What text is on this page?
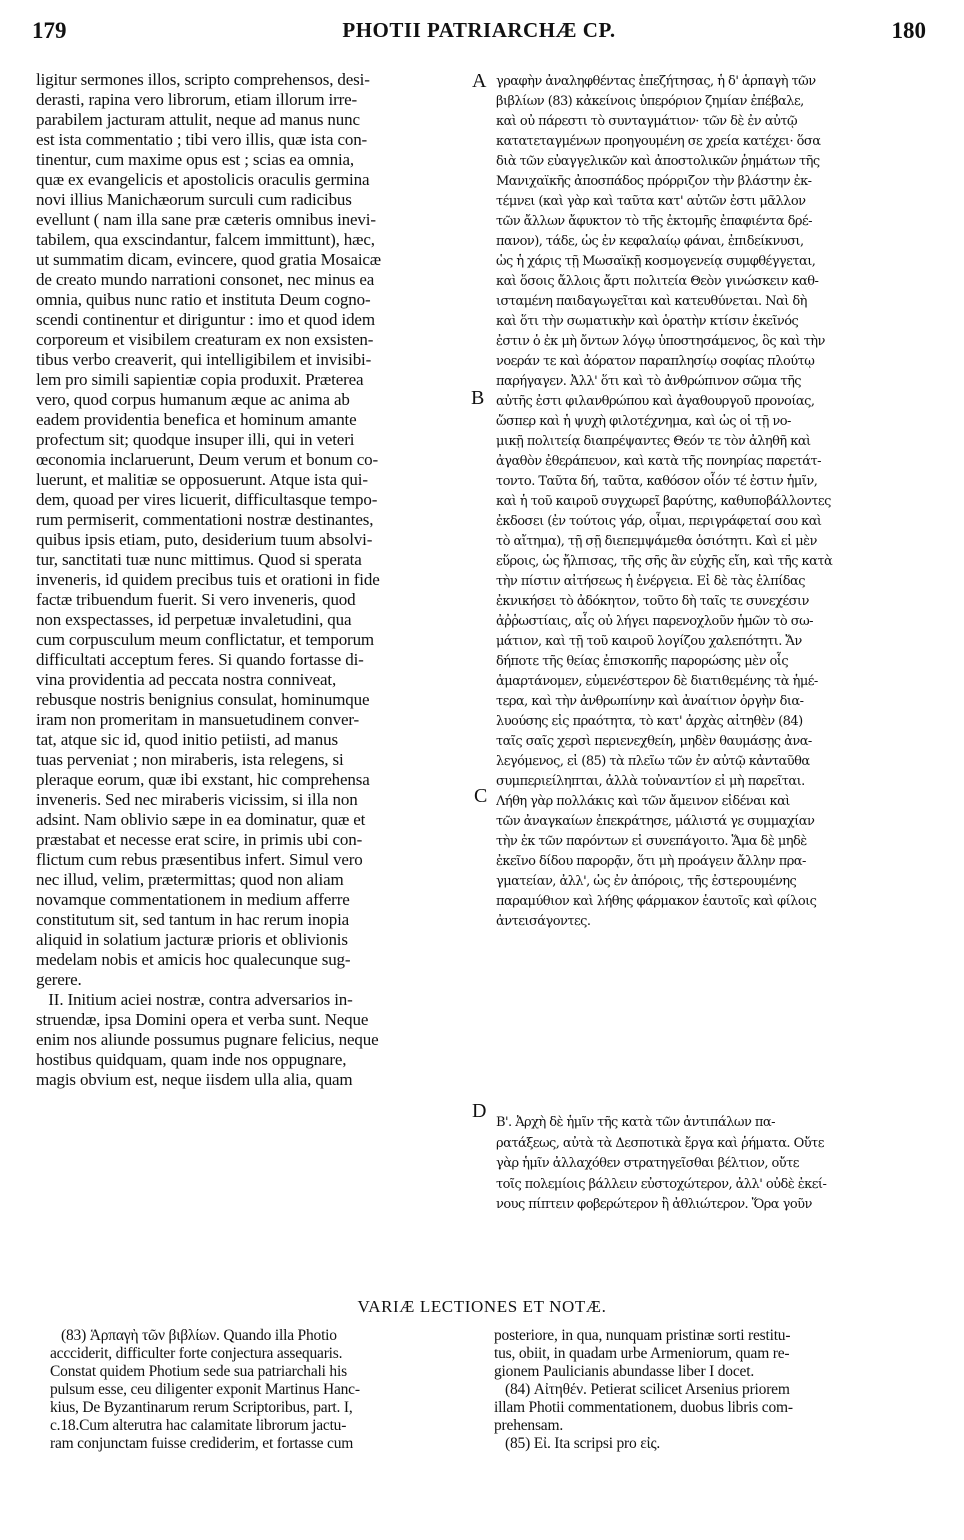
179	PHOTII PATRIARCHÆ CP.	180
ligitur sermones illos, scripto comprehensos, desi-
derasti, rapina vero librorum, etiam illorum irre-
parabilem jacturam attulit, neque ad manus nunc
est ista commentatio ; tibi vero illis, quæ ista con-
tinentur, cum maxime opus est ; scias ea omnia,
quæ ex evangelicis et apostolicis oraculis germina
novi illius Manichæorum surculi cum radicibus
evellunt ( nam illa sane præ cæteris omnibus inevi-
tabilem, qua exscindantur, falcem immittunt), hæc,
ut summatim dicam, evincere, quod gratia Mosaicæ
de creato mundo narrationi consonet, nec minus ea
omnia, quibus nunc ratio et instituta Deum cogno-
scendi continentur et diriguntur : imo et quod idem
corporeum et visibilem creaturam ex non exsisten-
tibus verbo creaverit, qui intelligibilem et invisibi-
lem pro simili sapientiæ copia produxit. Præterea
vero, quod corpus humanum æque ac anima ab
eadem providentia benefica et hominum amante
profectum sit; quodque insuper illi, qui in veteri
œconomia inclaruerunt, Deum verum et bonum co-
luerunt, et malitiæ se opposuerunt. Atque ista qui-
dem, quoad per vires licuerit, difficultasque tempo-
rum permiserit, commentationi nostræ destinantes,
quibus ipsis etiam, puto, desiderium tuum absolvi-
tur, sanctitati tuæ nunc mittimus. Quod si sperata
inveneris, id quidem precibus tuis et orationi in fide
factæ tribuendum fuerit. Si vero inveneris, quod
non exspectasses, id perpetuæ invaletudini, qua
cum corpusculum meum conflictatur, et temporum
difficultati acceptum feres. Si quando fortasse di-
vina providentia ad peccata nostra conniveat,
rebusque nostris benignius consulat, hominumque
iram non promeritam in mansuetudinem conver-
tat, atque sic id, quod initio petiisti, ad manus
tuas perveniat ; non miraberis, ista relegens, si
pleraque eorum, quæ ibi exstant, hic comprehensa
inveneris. Sed nec miraberis vicissim, si illa non
adsint. Nam oblivio sæpe in ea dominatur, quæ et
præstabat et necesse erat scire, in primis ubi con-
flictum cum rebus præsentibus infert. Simul vero
nec illud, velim, prætermittas; quod non aliam
novamque commentationem in medium afferre
constitutum sit, sed tantum in hac rerum inopia
aliquid in solatium jacturæ prioris et oblivionis
medelam nobis et amicis hoc qualecunque sug-
gerere.
II. Initium aciei nostræ, contra adversarios in-
struendæ, ipsa Domini opera et verba sunt. Neque
enim nos aliunde possumus pugnare felicius, neque
hostibus quidquam, quam inde nos oppugnare,
magis obvium est, neque iisdem ulla alia, quam
A
B
C
D
γραφὴν ἀναληφθέντας ἐπεζήτησας, ἡ δ' ἁρπαγὴ τῶν
βιβλίων (83) κἀκείνοις ὑπερόριον ζημίαν ἐπέβαλε,
καὶ οὐ πάρεστι τὸ συνταγμάτιον· τῶν δὲ ἐν αὐτῷ
κατατεταγμένων προηγουμένη σε χρεία κατέχει· ὅσα
διὰ τῶν εὐαγγελικῶν καὶ ἀποστολικῶν ῥημάτων τῆς
Μανιχαϊκῆς ἀποσπάδος πρόρριζον τὴν βλάστην ἐκ-
τέμνει (καὶ γὰρ καὶ ταῦτα κατ' αὐτῶν ἐστι μᾶλλον
τῶν ἄλλων ἄφυκτον τὸ τῆς ἐκτομῆς ἐπαφιέντα δρέ-
πανον), τάδε, ὡς ἐν κεφαλαίῳ φάναι, ἐπιδείκνυσι,
ὡς ἡ χάρις τῇ Μωσαϊκῇ κοσμογενείᾳ συμφθέγγεται,
καὶ ὅσοις ἄλλοις ἄρτι πολιτεία Θεὸν γινώσκειν καθ-
ισταμένη παιδαγωγεῖται καὶ κατευθύνεται. Ναὶ δὴ
καὶ ὅτι τὴν σωματικὴν καὶ ὁρατὴν κτίσιν ἐκεῖνός
ἐστιν ὁ ἐκ μὴ ὄντων λόγῳ ὑποστησάμενος, ὃς καὶ τὴν
νοεράν τε καὶ ἀόρατον παραπλησίῳ σοφίας πλούτῳ
παρήγαγεν. Ἀλλ' ὅτι καὶ τὸ ἀνθρώπινον σῶμα τῆς
αὐτῆς ἐστι φιλανθρώπου καὶ ἀγαθουργοῦ προνοίας,
ὥσπερ καὶ ἡ ψυχὴ φιλοτέχνημα, καὶ ὡς οἱ τῇ νο-
μικῇ πολιτείᾳ διαπρέψαντες Θεόν τε τὸν ἀληθῆ καὶ
ἀγαθὸν ἐθεράπευον, καὶ κατὰ τῆς πονηρίας παρετάτ-
τοντο. Ταῦτα δή, ταῦτα, καθόσον οἷόν τέ ἐστιν ἡμῖν,
καὶ ἡ τοῦ καιροῦ συγχωρεῖ βαρύτης, καθυποβάλλοντες
ἐκδοσει (ἐν τούτοις γάρ, οἶμαι, περιγράφεταί σου καὶ
τὸ αἴτημα), τῇ σῇ διεπεμψάμεθα ὁσιότητι. Καὶ εἰ μὲν
εὕροις, ὡς ἤλπισας, τῆς σῆς ἂν εὐχῆς εἴη, καὶ τῆς κατὰ
τὴν πίστιν αἰτήσεως ἡ ἐνέργεια. Εἰ δὲ τὰς ἐλπίδας
ἐκνικήσει τὸ ἀδόκητον, τοῦτο δὴ ταῖς τε συνεχέσιν
ἀῤῥωστίαις, αἷς οὐ λήγει παρενοχλοῦν ἡμῶν τὸ σω-
μάτιον, καὶ τῇ τοῦ καιροῦ λογίζου χαλεπότητι. Ἄν
δήποτε τῆς θείας ἐπισκοπῆς παρορώσης μὲν οἷς
ἁμαρτάνομεν, εὐμενέστερον δὲ διατιθεμένης τὰ ἡμέ-
τερα, καὶ τὴν ἀνθρωπίνην καὶ ἀναίτιον ὀργὴν δια-
λυούσης εἰς πραότητα, τὸ κατ' ἀρχὰς αἰτηθὲν (84)
ταῖς σαῖς χερσὶ περιενεχθείη, μηδὲν θαυμάσῃς ἀνα-
λεγόμενος, εἰ (85) τὰ πλεῖω τῶν ἐν αὐτῷ κἀνταῦθα
συμπεριείληπται, ἀλλὰ τοὐναντίον εἰ μὴ παρεῖται.
Λήθη γὰρ πολλάκις καὶ τῶν ἄμεινον εἰδέναι καὶ
τῶν ἀναγκαίων ἐπεκράτησε, μάλιστά γε συμμαχίαν
τὴν ἐκ τῶν παρόντων εἰ συνεπάγοιτο. Ἅμα δὲ μηδὲ
ἐκεῖνο δίδου παρορᾷν, ὅτι μὴ προάγειν ἄλλην πρα-
γματείαν, ἀλλ', ὡς ἐν ἀπόροις, τῆς ἐστερουμένης
παραμύθιον καὶ λήθης φάρμακον ἑαυτοῖς καὶ φίλοις
ἀντεισάγοντες.
Β'. Ἀρχὴ δὲ ἡμῖν τῆς κατὰ τῶν ἀντιπάλων πα-
ρατάξεως, αὐτὰ τὰ Δεσποτικὰ ἔργα καὶ ῥήματα. Οὔτε
γὰρ ἡμῖν ἀλλαχόθεν στρατηγεῖσθαι βέλτιον, οὔτε
τοῖς πολεμίοις βάλλειν εὐστοχώτερον, ἀλλ' οὐδὲ ἐκεί-
νους πίπτειν φοβερώτερον ἢ ἀθλιώτερον. Ὅρα γοῦν
VARIÆ LECTIONES ET NOTÆ.
(83) Ἁρπαγὴ τῶν βιβλίων. Quando illa Photio
accciderit, difficulter forte conjectura assequaris.
Constat quidem Photium sede sua patriarchali his
pulsum esse, ceu diligenter exponit Martinus Hanc-
kius, De Byzantinarum rerum Scriptoribus, part. I,
c.18.Cum alterutra hac calamitate librorum jactu-
ram conjunctam fuisse crediderim, et fortasse cum
posteriore, in qua, nunquam pristinæ sorti restitu-
tus, obiit, in quadam urbe Armeniorum, quam re-
gionem Paulicianis abundasse liber I docet.
(84) Αἰτηθέν. Petierat scilicet Arsenius priorem
illam Photii commentationem, duobus libris com-
prehensam.
(85) Εἰ. Ita scripsi pro εἰς.
